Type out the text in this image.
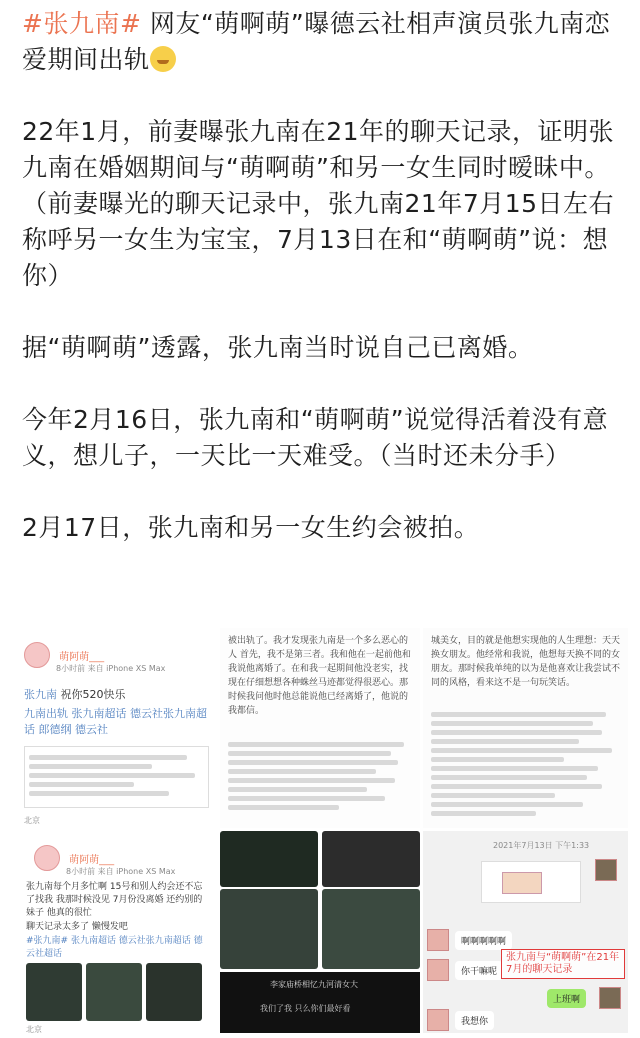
#张九南# 网友“萌啊萌”曝德云社相声演员张九南恋爱期间出轨

22年1月，前妻曝张九南在21年的聊天记录，证明张九南在婚姻期间与“萌啊萌”和另一女生同时暧昧中。（前妻曝光的聊天记录中，张九南21年7月15日左右称呼另一女生为宝宝，7月13日在和“萌啊萌”说：想你）

据“萌啊萌”透露，张九南当时说自己已离婚。

今年2月16日，张九南和“萌啊萌”说觉得活着没有意义，想儿子，一天比一天难受。（当时还未分手）

2月17日，张九南和另一女生约会被拍。

萌阿萌___
8小时前 来自 iPhone XS Max
张九南 祝你520快乐
九南出轨 张九南超话 德云社张九南超话 郎德纲 德云社
北京
被出轨了。我才发现张九南是一个多么恶心的人 首先，我不是第三者。我和他在一起前他和我说他离婚了。在和我一起期间他没老实，找现在仔细想想各种蛛丝马迹都觉得很恶心。那时候我问他时他总能说他已经离婚了，他说的我都信。
城美女，目的就是他想实现他的人生理想：天天换女朋友。他经常和我说，他想每天换不同的女朋友。那时候我单纯的以为是他喜欢让我尝试不同的风格，看来这不是一句玩笑话。
萌阿萌___
8小时前 来自 iPhone XS Max
张九南每个月多忙啊 15号和别人约会还不忘了找我 我那时候没见 7月份没离婚 还约别的妹子 他真的很忙
聊天记录太多了 懒慢发吧
#张九南# 张九南超话 德云社张九南超话 德云社超话
北京
李家庙桥相忆九河清女大
我们了我 只么你们最好看
2021年7月13日 下午1:33
啊啊啊啊啊
你干嘛呢
张九南与“萌啊萌”在21年7月的聊天记录
上班啊
我想你
